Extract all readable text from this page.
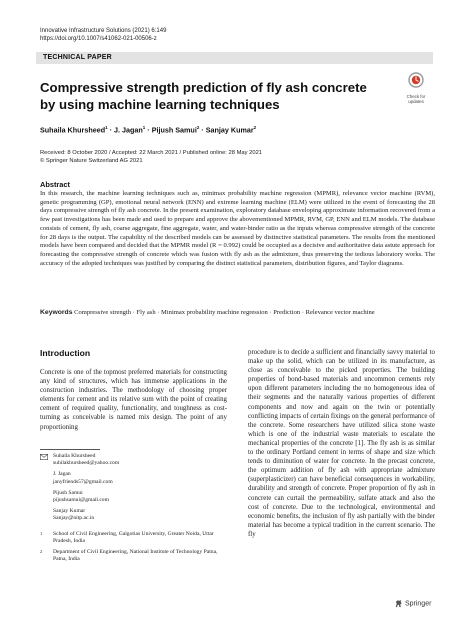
Innovative Infrastructure Solutions (2021) 6:149
https://doi.org/10.1007/s41062-021-00506-z
TECHNICAL PAPER
Check for
updates
Compressive strength prediction of fly ash concrete by using machine learning techniques
Suhaila Khursheed$^1$ · J. Jagan$^1$ · Pijush Samui$^2$ · Sanjay Kumar$^2$
Received: 8 October 2020 / Accepted: 22 March 2021 / Published online: 28 May 2021
© Springer Nature Switzerland AG 2021
Abstract
In this research, the machine learning techniques such as, minimax probability machine regression (MPMR), relevance vector machine (RVM), genetic programming (GP), emotional neural network (ENN) and extreme learning machine (ELM) were utilized in the event of forecasting the 28 days compressive strength of fly ash concrete. In the present examination, exploratory database enveloping approximate information recovered from a few past investigations has been made and used to prepare and approve the abovementioned MPMR, RVM, GP, ENN and ELM models. The database consists of cement, fly ash, coarse aggregate, fine aggregate, water, and water-binder ratio as the inputs whereas compressive strength of the concrete for 28 days is the output. The capability of the described models can be assessed by distinctive statistical parameters. The results from the mentioned models have been compared and decided that the MPMR model (R = 0.992) could be occupied as a decisive and authoritative data astute approach for forecasting the compressive strength of concrete which was fusion with fly ash as the admixture, thus preserving the tedious laboratory works. The accuracy of the adopted techniques was justified by comparing the distinct statistical parameters, distribution figures, and Taylor diagrams.
Keywords Compressive strength · Fly ash · Minimax probability machine regression · Prediction · Relevance vector machine
Introduction
Concrete is one of the topmost preferred materials for constructing any kind of structures, which has immense applications in the construction industries. The methodology of choosing proper elements for cement and its relative sum with the point of creating cement of required quality, functionality, and toughness as cost-turning as conceivable is named mix design. The point of any proportioning
procedure is to decide a sufficient and financially savvy material to make up the solid, which can be utilized in its manufacture, as close as conceivable to the picked properties. The building properties of bond-based materials and uncommon cements rely upon different parameters including the no homogeneous idea of their segments and the naturally various properties of different components and now and again on the twin or potentially conflicting impacts of certain fixings on the general performance of the concrete. Some researchers have utilized silica stone waste which is one of the industrial waste materials to escalate the mechanical properties of the concrete [1]. The fly ash is as similar to the ordinary Portland cement in terms of shape and size which tends to diminution of water for concrete. In the precast concrete, the optimum addition of fly ash with appropriate admixture (superplasticizer) can have beneficial consequences in workability, durability and strength of concrete. Proper proportion of fly ash in concrete can curtail the permeability, sulfate attack and also the cost of concrete. Due to the technological, environmental and economic benefits, the inclusion of fly ash partially with the binder material has become a typical tradition in the current scenario. The fly
Suhaila Khursheed
suhilakhursheed@yahoo.com
J. Jagan
janyfriends57@gmail.com
Pijush Samui
pijushsamui@gmail.com
Sanjay Kumar
Sanjay@nitp.ac.in
1 School of Civil Engineering, Galgotias University, Greater Noida, Uttar Pradesh, India
2 Department of Civil Engineering, National Institute of Technology Patna, Patna, India
Springer
